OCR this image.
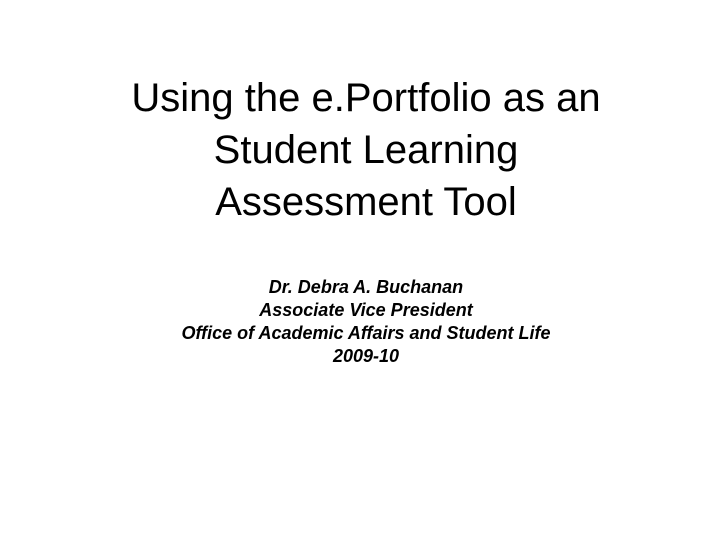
Using the e.Portfolio as an
Student Learning
Assessment Tool
Dr. Debra A. Buchanan
Associate Vice President
Office of Academic Affairs and Student Life
2009-10
